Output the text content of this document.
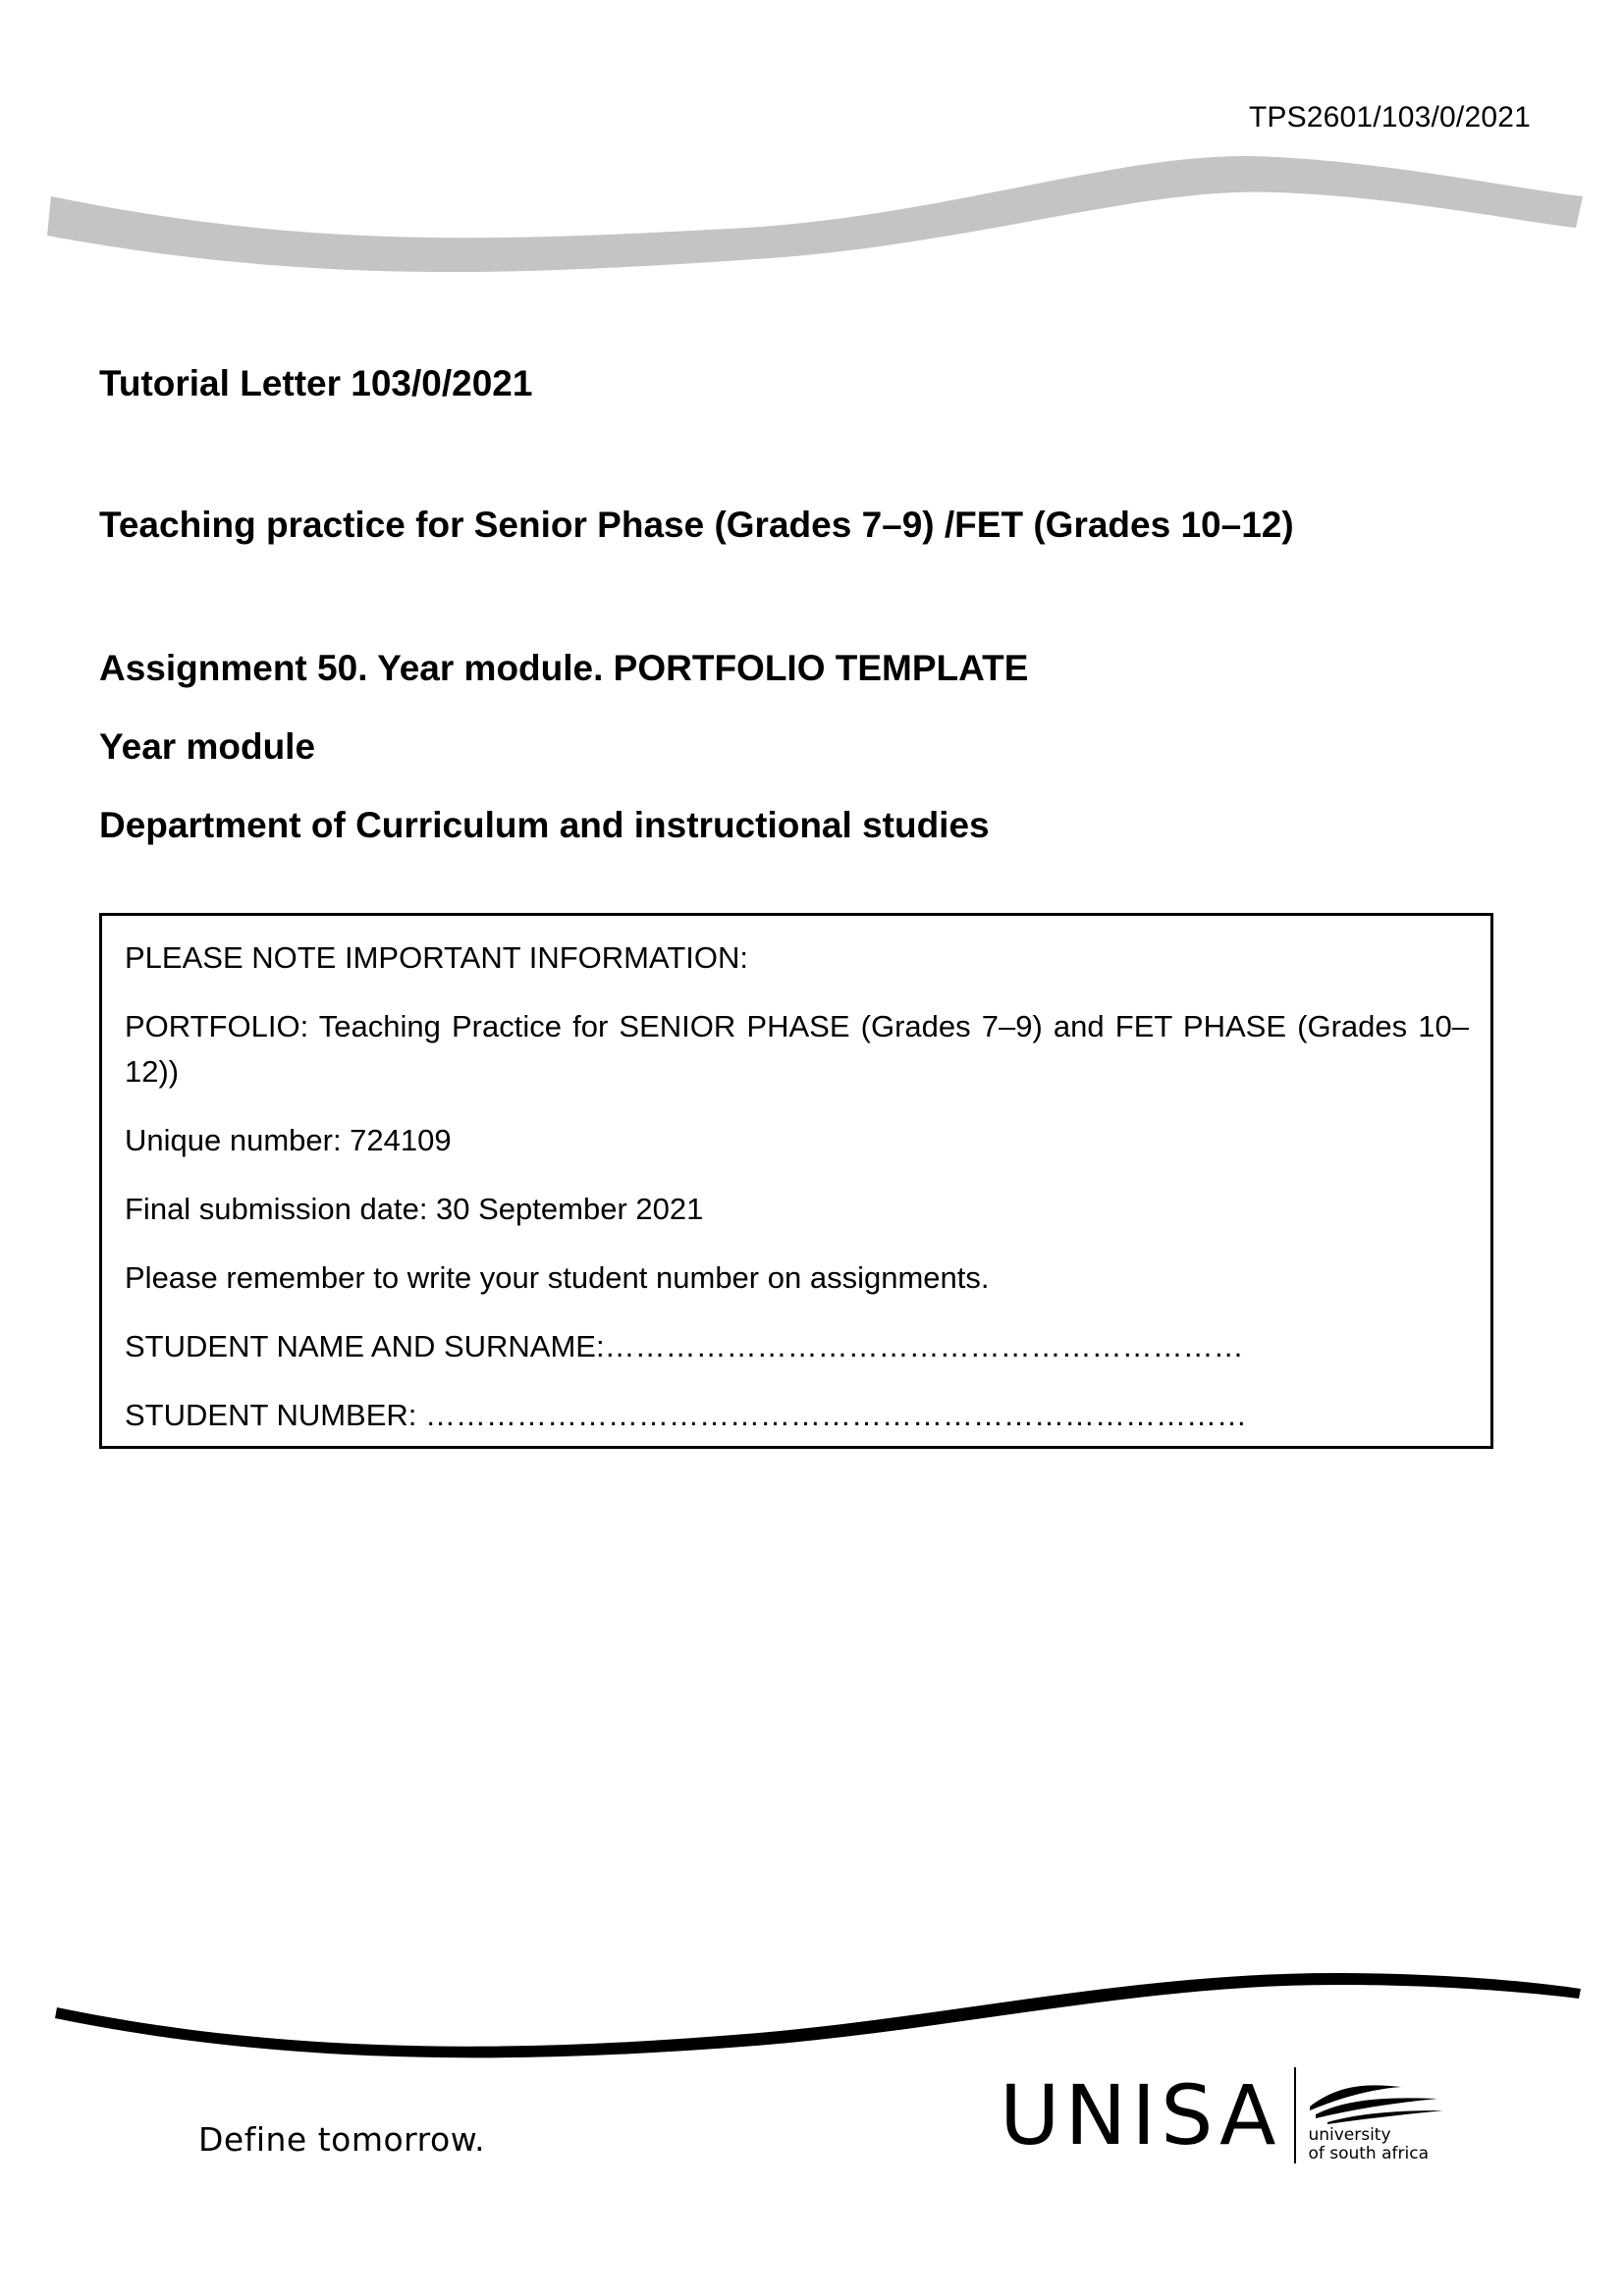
TPS2601/103/0/2021
Tutorial Letter 103/0/2021
Teaching practice for Senior Phase (Grades 7–9) /FET (Grades 10–12)
Assignment 50. Year module. PORTFOLIO TEMPLATE
Year module
Department of Curriculum and instructional studies

PLEASE NOTE IMPORTANT INFORMATION:

PORTFOLIO: Teaching Practice for SENIOR PHASE (Grades 7–9) and FET PHASE (Grades 10–12))

Unique number: 724109

Final submission date: 30 September 2021

Please remember to write your student number on assignments.

STUDENT NAME AND SURNAME:………………………………………………………

STUDENT NUMBER: ………………………………………………………………………

Define tomorrow.	UNISA university
of south africa
